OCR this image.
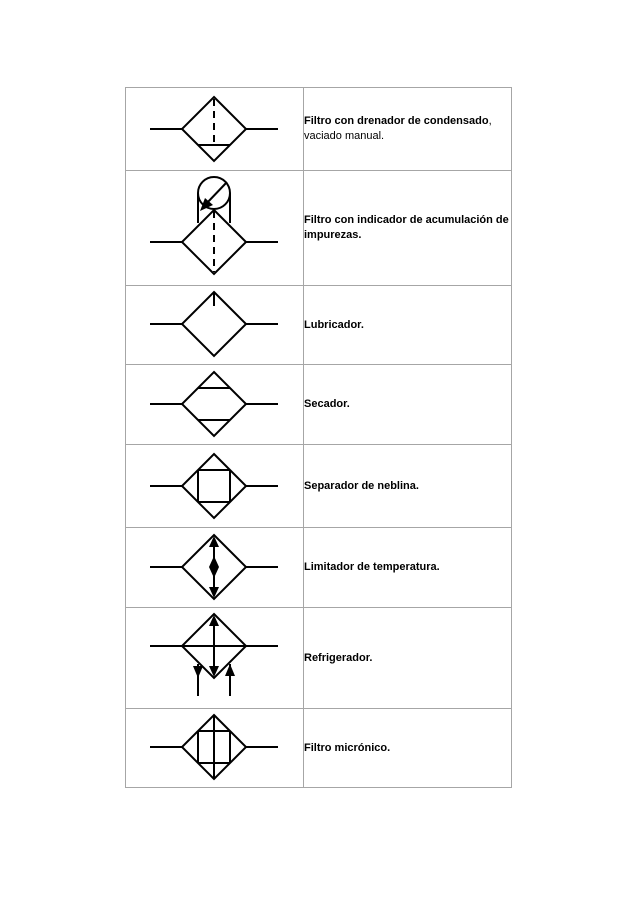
	Filtro con drenador de condensado, vaciado manual.

	Filtro con indicador de acumulación de impurezas.

	Lubricador.

	Secador.

	Separador de neblina.

	Limitador de temperatura.

	Refrigerador.

	Filtro micrónico.
